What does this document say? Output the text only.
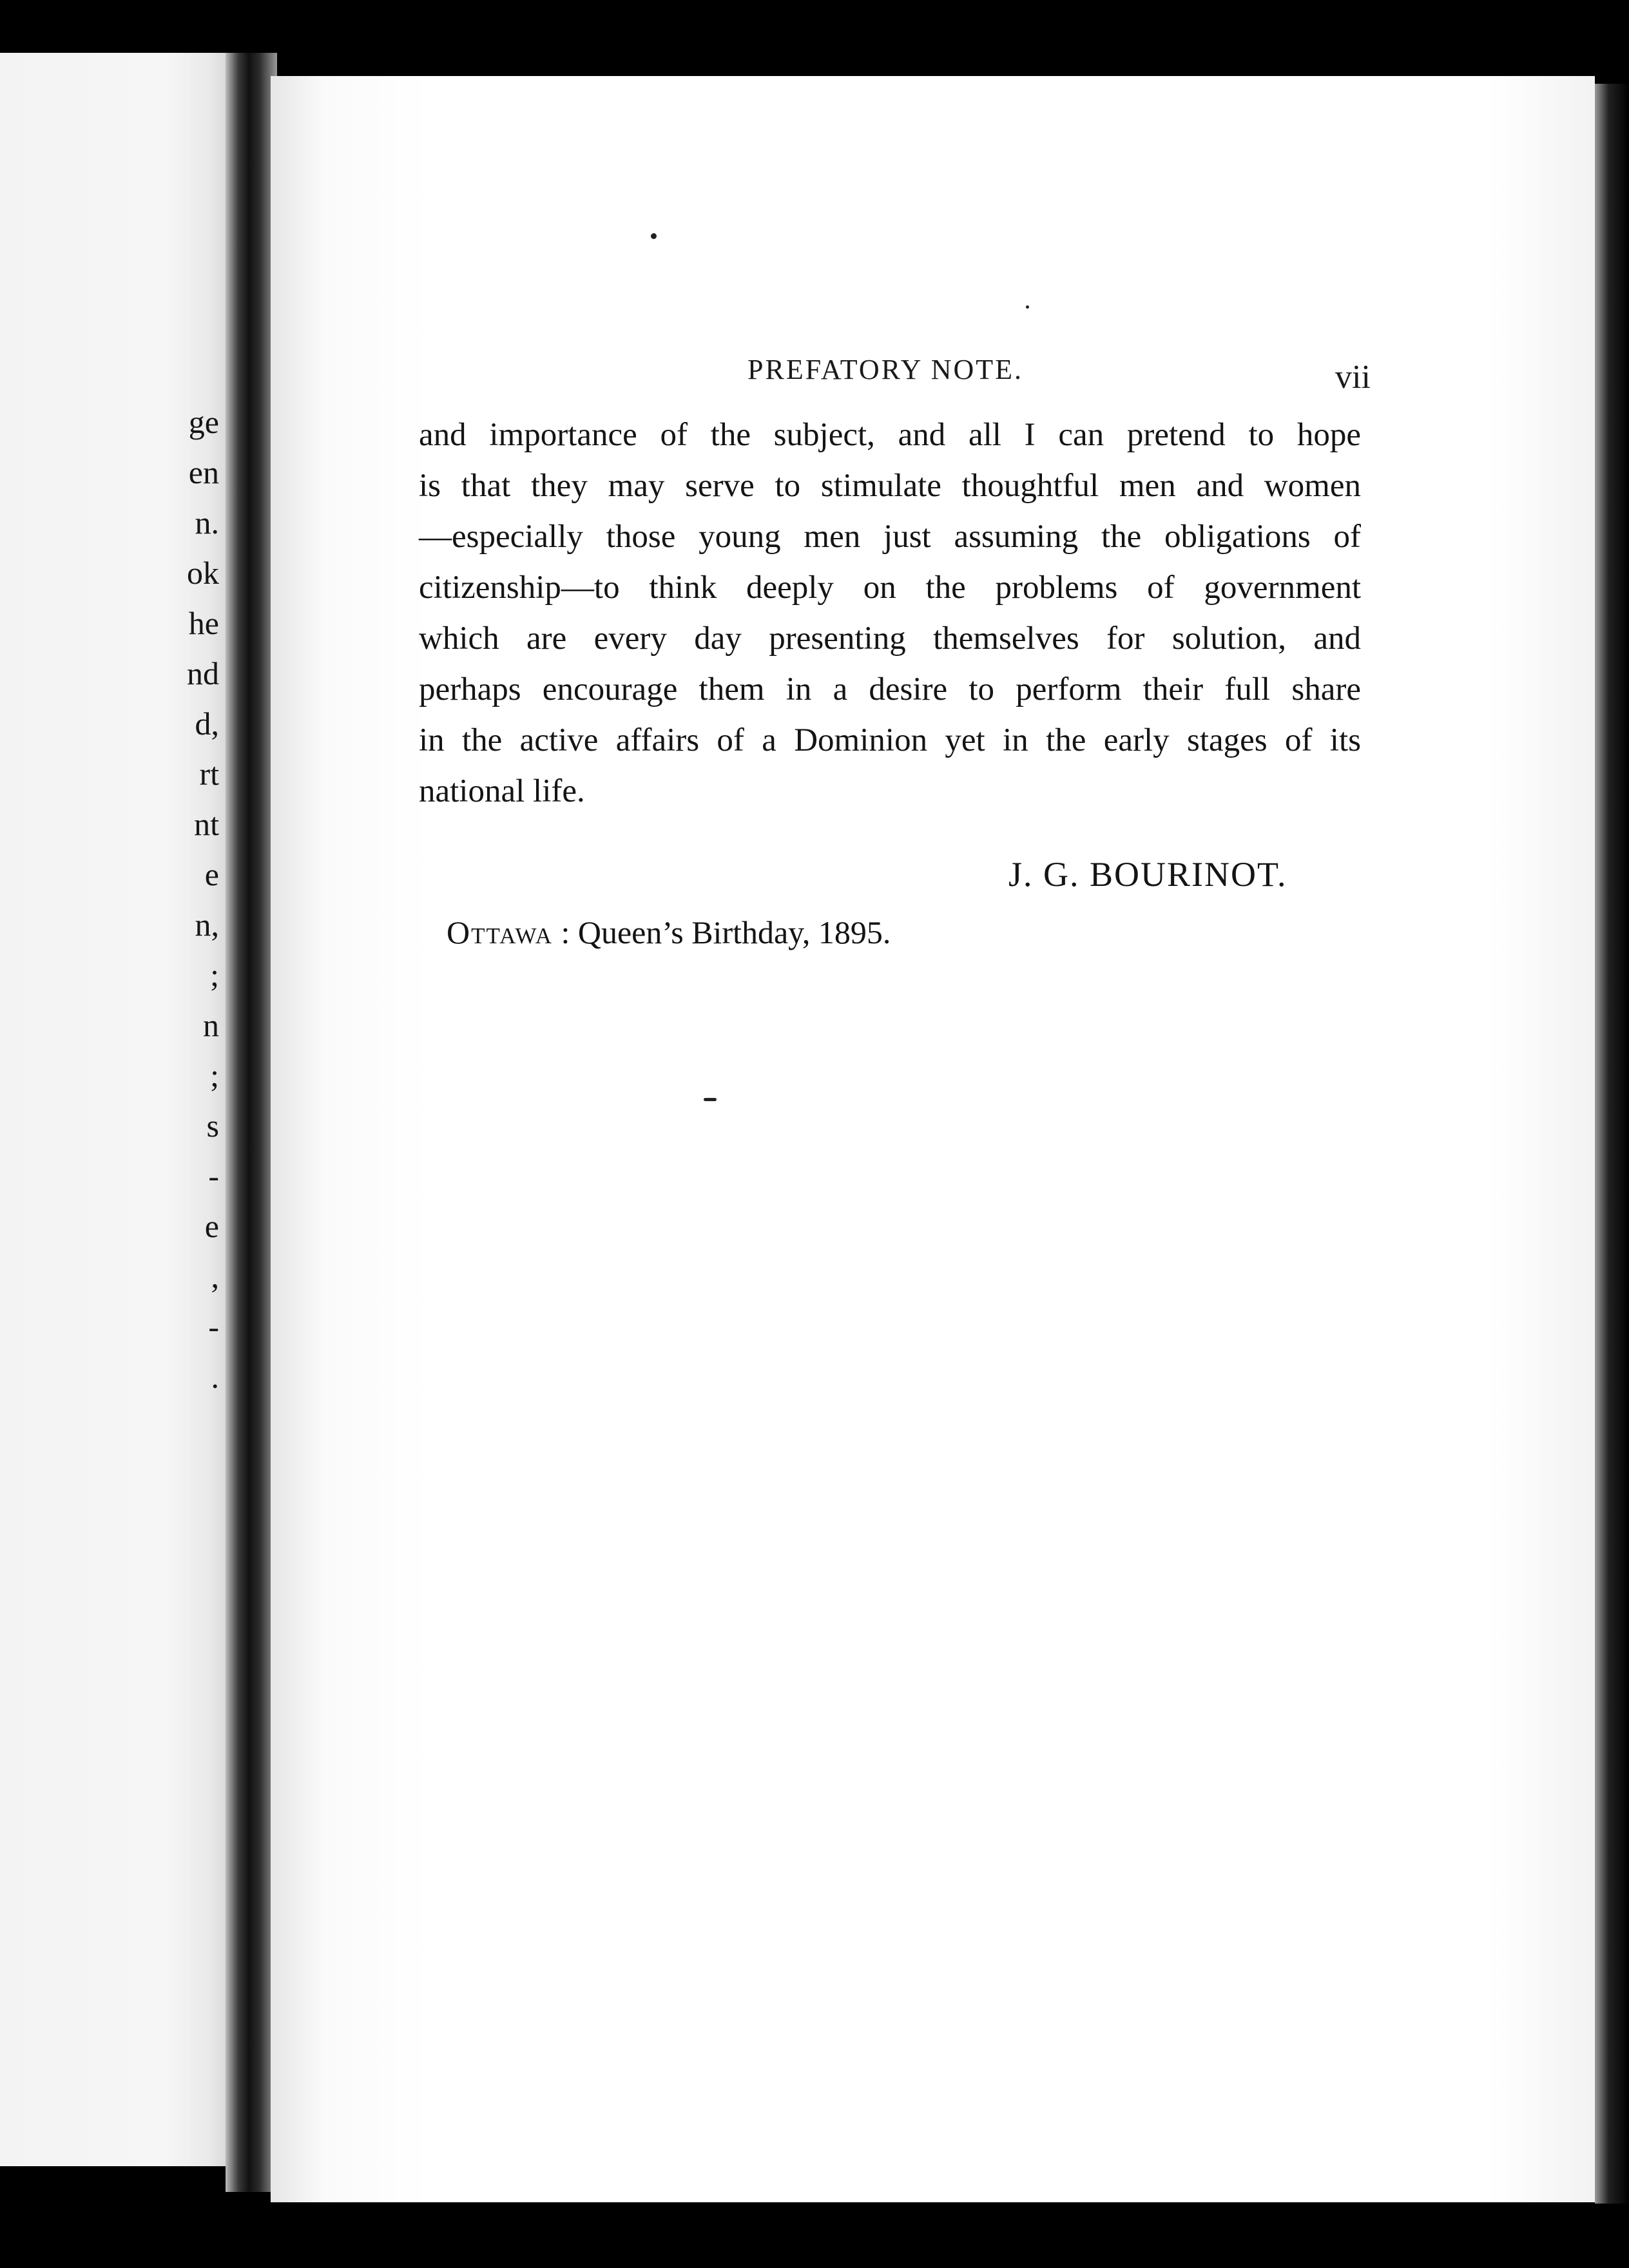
ge
en
n.
ok
he
nd
d,
rt
nt
e
n,
;
n
;
s
-
e
,
-
.
PREFATORY NOTE.	vii
and importance of the subject, and all I can pretend to hope
is that they may serve to stimulate thoughtful men and women
—especially those young men just assuming the obligations of
citizenship—to think deeply on the problems of government
which are every day presenting themselves for solution, and
perhaps encourage them in a desire to perform their full share
in the active affairs of a Dominion yet in the early stages of its
national life.
J. G. BOURINOT.
Ottawa : Queen’s Birthday, 1895.
